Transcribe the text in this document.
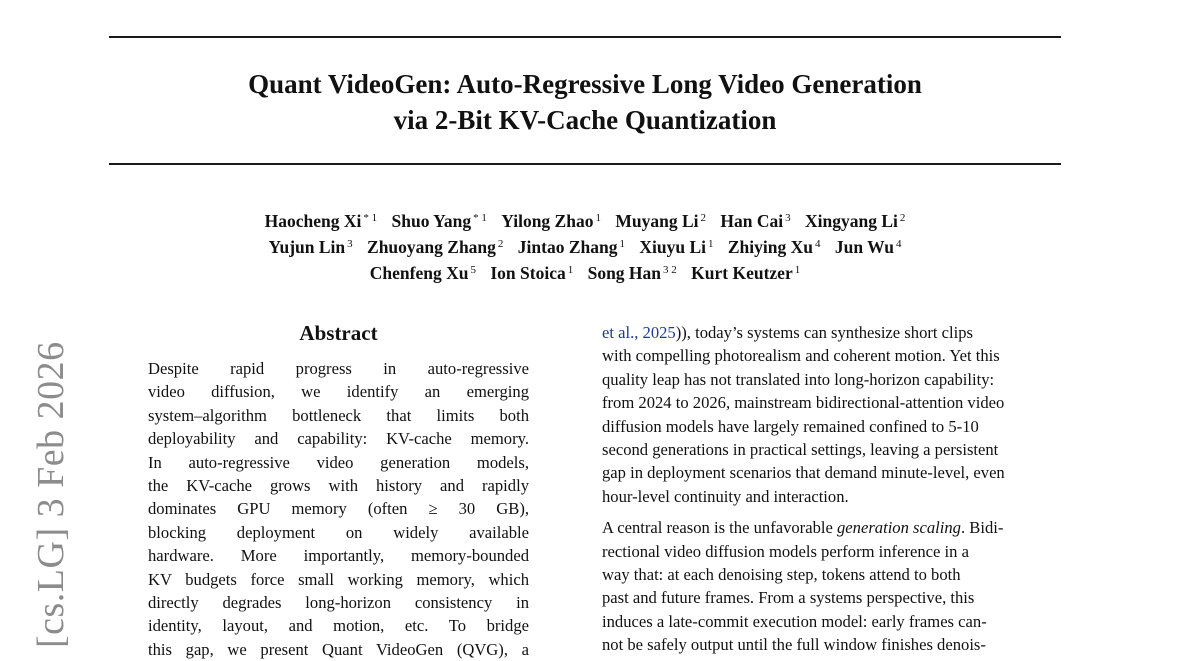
Quant VideoGen: Auto-Regressive Long Video Generation
via 2-Bit KV-Cache Quantization
Haocheng Xi $^{* 1}$ Shuo Yang $^{* 1}$ Yilong Zhao $^1$ Muyang Li $^2$ Han Cai $^3$ Xingyang Li $^2$
Yujun Lin $^3$ Zhuoyang Zhang $^2$ Jintao Zhang $^1$ Xiuyu Li $^1$ Zhiying Xu $^4$ Jun Wu $^4$
Chenfeng Xu $^5$ Ion Stoica $^1$ Song Han $^{3 2}$ Kurt Keutzer $^1$
[cs.LG] 3 Feb 2026
Abstract
Despite rapid progress in auto-regressive
video diffusion, we identify an emerging
system–algorithm bottleneck that limits both
deployability and capability: KV-cache memory.
In auto-regressive video generation models,
the KV-cache grows with history and rapidly
dominates GPU memory (often ≥ 30 GB),
blocking deployment on widely available
hardware. More importantly, memory-bounded
KV budgets force small working memory, which
directly degrades long-horizon consistency in
identity, layout, and motion, etc. To bridge
this gap, we present Quant VideoGen (QVG), a

et al., 2025)), today’s systems can synthesize short clips
with compelling photorealism and coherent motion. Yet this
quality leap has not translated into long-horizon capability:
from 2024 to 2026, mainstream bidirectional-attention video
diffusion models have largely remained confined to 5-10
second generations in practical settings, leaving a persistent
gap in deployment scenarios that demand minute-level, even
hour-level continuity and interaction.

A central reason is the unfavorable generation scaling. Bidi-
rectional video diffusion models perform inference in a
way that: at each denoising step, tokens attend to both
past and future frames. From a systems perspective, this
induces a late-commit execution model: early frames can-
not be safely output until the full window finishes denois-
